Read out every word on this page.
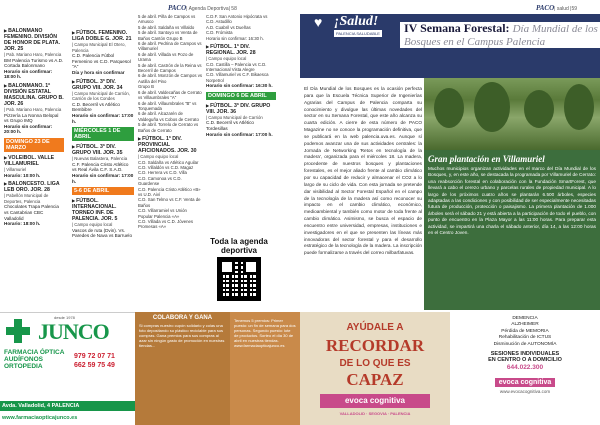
PACO| Agenda Deportiva| 58
▶ BALONMANO FEMENINO. DIVISIÓN DE HONOR DE PLATA. JOR. 25
| Pab. Mariano Haro, Palencia
BM Palencia Turismo vs A.D. Cortada Balonmano
Horario sin confirmar: 18:00 h.
▶ BALONMANO. 1ª DIVISIÓN ESTATAL MASCULINA. GRUPO B. JOR. 26
| Pab. Mariano Haro, Palencia
Pizzería La Nonna Belopal vs Grupo IMQ
Horario sin confirmar: 20:00 h.
DOMINGO 23 DE MARZO
▶ VOLEIBOL. VALLE VILLAMURIEL
| Villamuriel
Horario: 10:00 h.
▶ BALONCESTO. LIGA LEB ORO. JOR. 28
| Pabellón Municipal de Deportes, Palencia
Chocolates Trapa Palencia vs Cantabrian CBC Valladolid
Horario: 18:00 h.
▶ FÚTBOL FEMENINO. LIGA DOBLE G. JOR. 21
| Campo Municipal El Otero, Palencia
C.D. Palencia Fútbol Femenino vs C.D. Parquesol "A"
Día y hora sin confirmar
▶ FÚTBOL. 3ª DIV. GRUPO VIII. JOR. 34
| Campo Municipal de Carrión, Carrión de los Condes
C.D. Becerril vs Atlético Bembibre
Horario sin confirmar: 17:00 h.
MIÉRCOLES 1 DE ABRIL
▶ FÚTBOL. 3ª DIV. GRUPO VIII. JOR. 35
| Nuevas Balastera, Palencia
C.F. Palencia Cristo Atlético vs Real Ávila C.F. S.A.D.
Horario sin confirmar: 17:00 h.
5-6 DE ABRIL
▶ FÚTBOL. INTERNACIONAL. TORNEO INF. DE PALENCIA. JOR. 5
| Campo equipo local
Vascos de ruta (Dvin). Vs. Paredes de Nava vs Barruelo
5 de abril. Piña de Campos vs Amusco
5 de abril. Saldaña vs Villaldo
5 de abril. Santoyo vs Venta de Baños Cantón Grupo B
6 de abril. Pedrina de Campos vs Villamuriel
6 de abril. Villada vs Pozo de Urama
5 de abril. Castrón de la Reina vs Becerril de Campos
6 de abril. Monzón de Campos vs Autilla del Pino
Grupo B
6 de abril. Valdecañas de Cerrato vs Villaumbrales "A"
6 de abril. Villaumbrales "B" vs Torquemada
6 de abril. Alcazarén de Valdeguña vs Cobos de Cerrato
5 de abril. Torrelo de Cerrato vs Baños de Cerrato
▶ FÚTBOL. 1ª DIV. PROVINCIAL AFICIONADOS. JOR. 30
| Campo equipo local
C.D. Saldaña vs Atlético Aguilar
C.D. Villaldón vs C.D. Magaz
C.D. Herrera vs C.D. Villa
C.D. Camonoa vs C.D. Guardense
C.D. Palencia Cristo Atlético «B» vs U.D. Aiví
C.D. San Telmo vs C.F. Venta de Baños
C.D. Villarramiel vs Unión Popular Palencia «A»
C.D. Villada vs C.D. Jóvenes Promesas «A»
C.D.F. San Antonio Hipócrata vs C.D. Astudillo
A.D. Cuabril vs Dueñas
C.D. Frómista
Horario sin confirmar: 16:30 h.
▶ FÚTBOL. 1ª DIV. REGIONAL. JOR. 28
| Campo equipo local
C.D. Castilla – Palencia vs C.D. Internacional Vista Alegre
C.D. Villamuriel vs C.F. Bikaesca Norpetrol
Horario sin confirmar: 16:30 h.
DOMINGO 6 DE ABRIL
▶ FÚTBOL. 3ª DIV. GRUPO VIII. JOR. 36
| Campo Municipal de Carrión
C.D. Becerril vs Atlético Tordesillas
Horario sin confirmar: 17:00 h.
Toda la agenda deportiva
desde 1978
JUNCO
FARMACIA ÓPTICA AUDÍFONOS ORTOPEDIA
979 72 07 71
662 59 75 49
Avda. Valladolid, 4 PALENCIA
www.farmaciaopticajunco.es
COLABORA Y GANA
Si compras nuestro cupón solidario y colas una foto depositando su plástico reciclable para sus compras. Gana premios para sus compras al azar sin ningún gasto de promoción en nuestras tiendas...
Tenemos 5 premios: Primer puesto: un fin de semana para dos personas. Segundo puesto: lote de productos. Sorteo el día 30 de abril en nuestras tiendas. www.farmaciaopticajunco.es
PACO| salud |59
♥ ¡Salud!
PALENCIA SALUDABLE IV Semana Forestal: Día Mundial de los Bosques en el Campus Palencia
El Día Mundial de los Bosques es la ocasión perfecta para que la Escuela Técnica Superior de Ingenierías Agrarias del Campus de Palencia comparta su conocimiento y divulgue las últimas novedades del sector en su Semana Forestal, que este año alcanza su cuarta edición. A cierre de esta número de PACO Magazine no se conoce la programación definitiva, que se publicará en la web palencia.uva.es. Aunque sí podemos avanzar una de sus actividades centrales: la Jornada de Networking 'Retos en tecnología de la madera', organizada para el miércoles 18. La madera, procedente de nuestros bosques y plantaciones forestales, es el mejor aliado frente al cambio climático por su capacidad de reducir y almacenar el CO2 a lo largo de su ciclo de vida. Con esta jornada se pretende dar visibilidad al Sector Forestal Español en el campo de la tecnología de la madera así como reconocer su impacto en el cambio climático, económico, medioambiental y también como motor de toda frente al cambio climático. Asimismo, se busca el espacio de encuentro entre universidad, empresas, instituciones e investigadores en el que se presenten las líneas más innovadoras del sector forestal y para el desarrollo estratégico de la tecnología de la madera. La inscripción puede formalizarse a través del correo milbarfatuvas.
Gran plantación en Villamuriel

Muchos municipios organizan actividades en el marco del Día Mundial de los Bosques, y, en este año, se destacada la programada por Villamuriel de Cerrato: una reabsorción forestal en colaboración con la Fundación SmartForest, que llevará a cabo el cerezo urbano y parcelas rurales de propiedad municipal. A lo largo de los próximos cuatro años se plantarán 6.500 árboles, especies adaptadas a las condiciones y con posibilidad de ser especialmente necesitadas futura de producción, protección o paisajismo. La primera plantación de 1.000 árboles será el sábado 21 y está abierta a la participación de todo el pueblo, con punto de encuentro en la Plaza Mayor a las 11:00 horas. Para preparar esta actividad, se impartirá una charla el sábado anterior, día 14, a las 12:00 horas en el Centro Joven.

AYÚDALE A
RECORDAR
DE LO QUE ES
CAPAZ
evoca cognitiva
VALLADOLID · SEGOVIA · PALENCIA
DEMENCIA
ALZHEIMER
Pérdida de MEMORIA
Rehabilitación de ICTUS
Disminución de AUTONOMÍA
SESIONES INDIVIDUALES
EN CENTRO O A DOMICILIO
644.022.300
evoca cognitiva
www.evocacognitiva.com
